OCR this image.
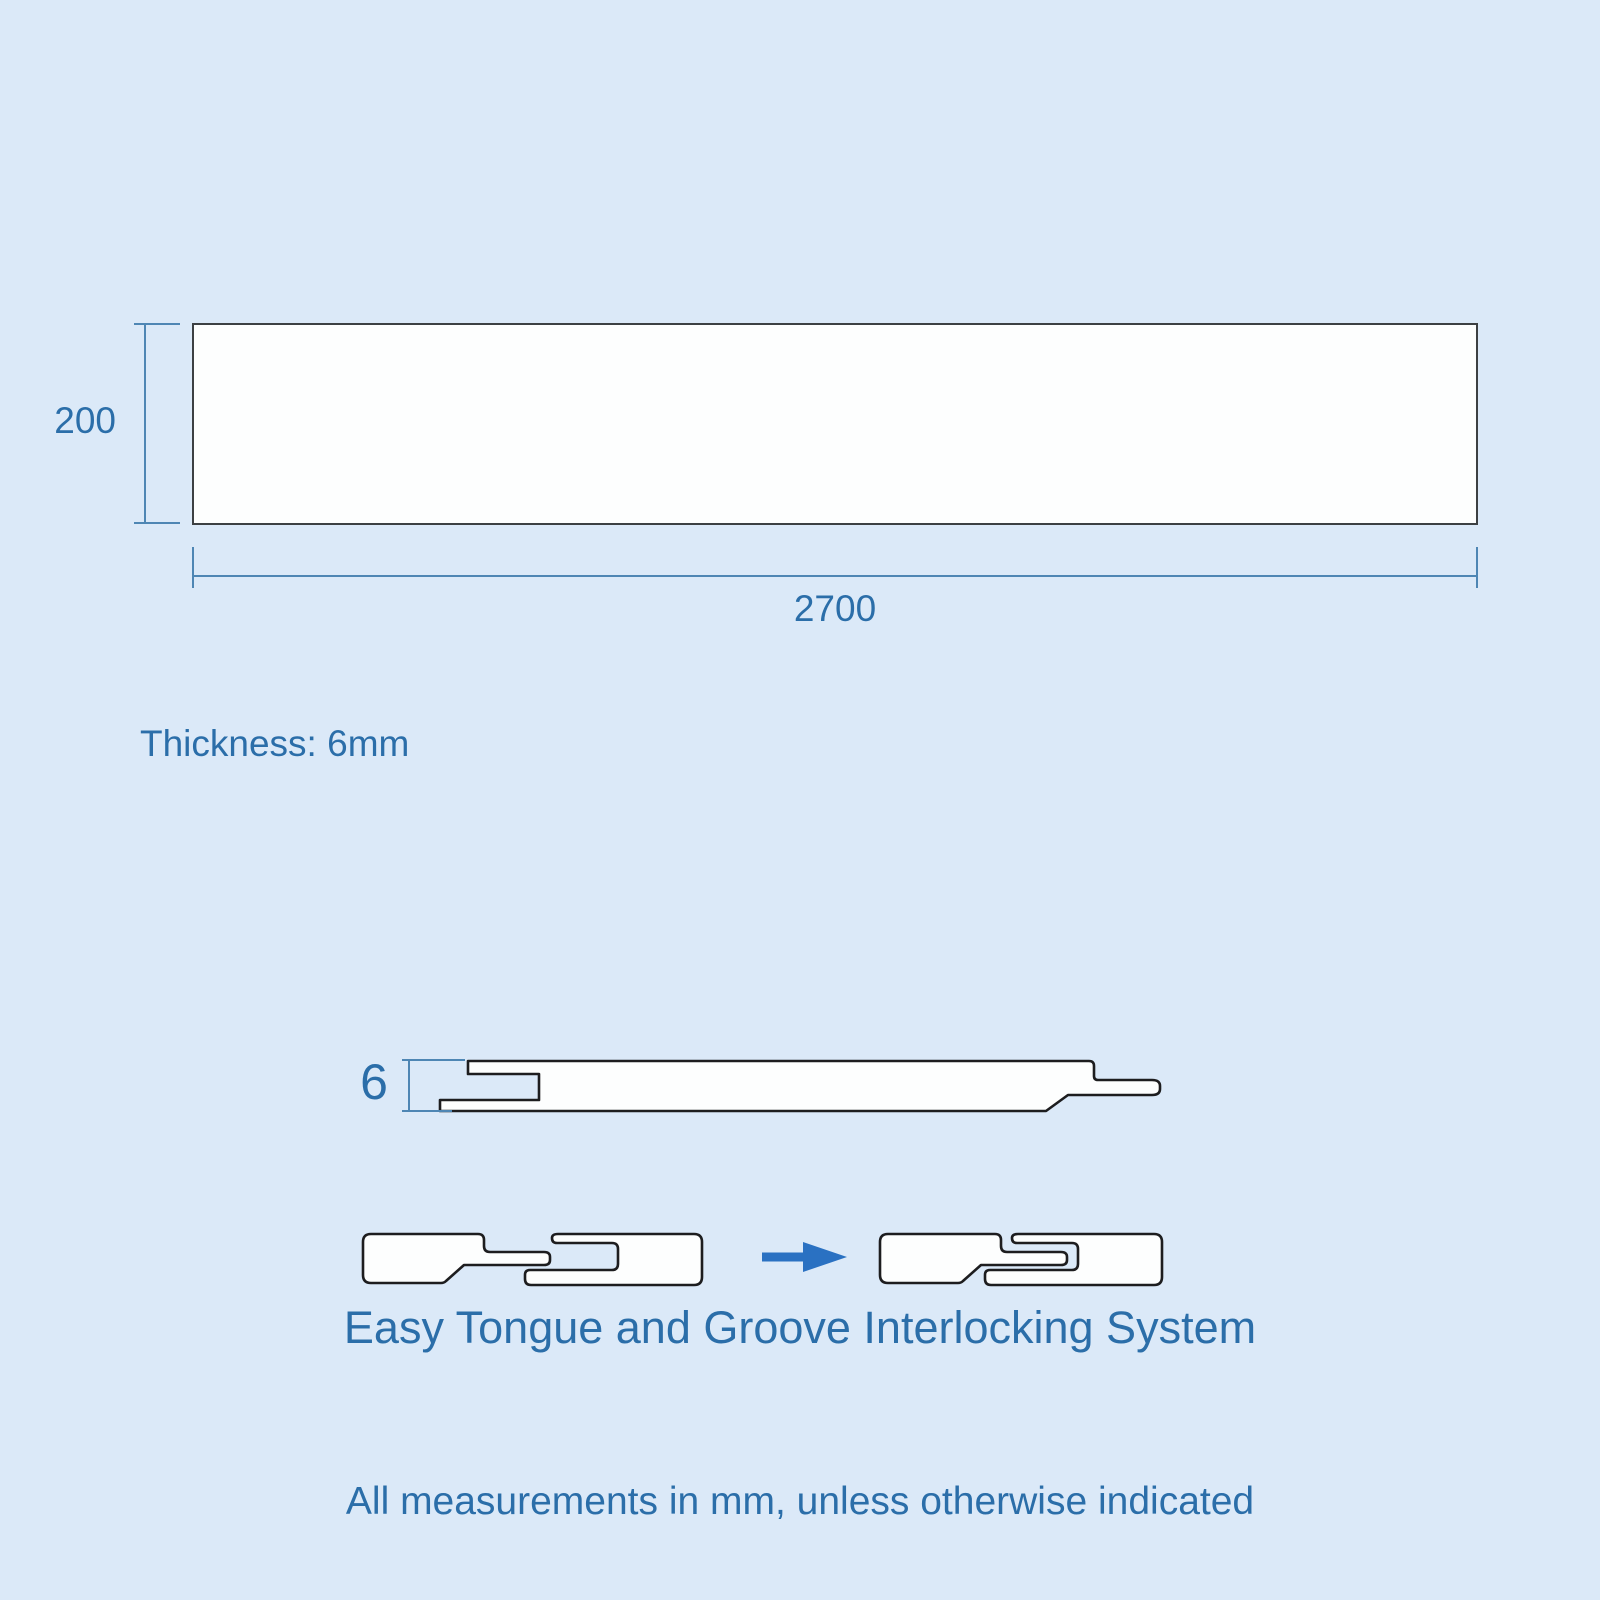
200
2700
Thickness: 6mm
6
Easy Tongue and Groove Interlocking System
All measurements in mm, unless otherwise indicated
